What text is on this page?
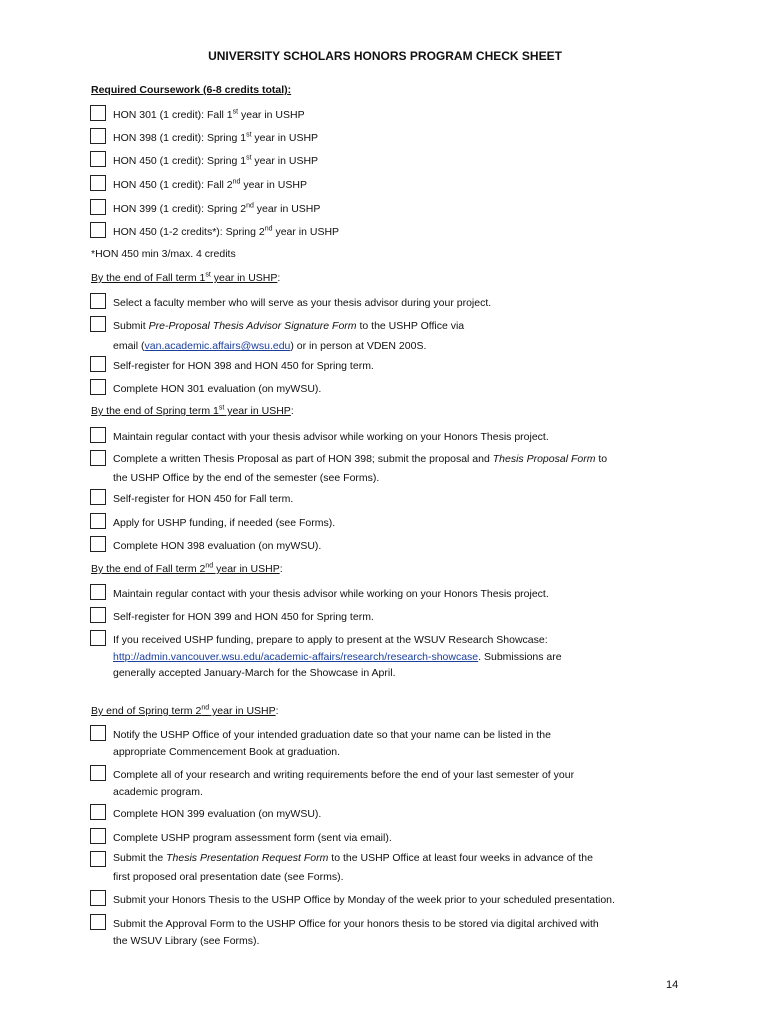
UNIVERSITY SCHOLARS HONORS PROGRAM CHECK SHEET
Required Coursework (6-8 credits total):
HON 301 (1 credit): Fall 1st year in USHP
HON 398 (1 credit): Spring 1st year in USHP
HON 450 (1 credit): Spring 1st year in USHP
HON 450 (1 credit): Fall 2nd year in USHP
HON 399 (1 credit): Spring 2nd year in USHP
HON 450 (1-2 credits*): Spring 2nd year in USHP
*HON 450 min 3/max. 4 credits
By the end of Fall term 1st year in USHP:
Select a faculty member who will serve as your thesis advisor during your project.
Submit Pre-Proposal Thesis Advisor Signature Form to the USHP Office via
email (van.academic.affairs@wsu.edu) or in person at VDEN 200S.
Self-register for HON 398 and HON 450 for Spring term.
Complete HON 301 evaluation (on myWSU).
By the end of Spring term 1st year in USHP:
Maintain regular contact with your thesis advisor while working on your Honors Thesis project.
Complete a written Thesis Proposal as part of HON 398; submit the proposal and Thesis Proposal Form to
the USHP Office by the end of the semester (see Forms).
Self-register for HON 450 for Fall term.
Apply for USHP funding, if needed (see Forms).
Complete HON 398 evaluation (on myWSU).
By the end of Fall term 2nd year in USHP:
Maintain regular contact with your thesis advisor while working on your Honors Thesis project.
Self-register for HON 399 and HON 450 for Spring term.
If you received USHP funding, prepare to apply to present at the WSUV Research Showcase:
http://admin.vancouver.wsu.edu/academic-affairs/research/research-showcase. Submissions are
generally accepted January-March for the Showcase in April.
By end of Spring term 2nd year in USHP:
Notify the USHP Office of your intended graduation date so that your name can be listed in the
appropriate Commencement Book at graduation.
Complete all of your research and writing requirements before the end of your last semester of your
academic program.
Complete HON 399 evaluation (on myWSU).
Complete USHP program assessment form (sent via email).
Submit the Thesis Presentation Request Form to the USHP Office at least four weeks in advance of the
first proposed oral presentation date (see Forms).
Submit your Honors Thesis to the USHP Office by Monday of the week prior to your scheduled presentation.
Submit the Approval Form to the USHP Office for your honors thesis to be stored via digital archived with
the WSUV Library (see Forms).
14
